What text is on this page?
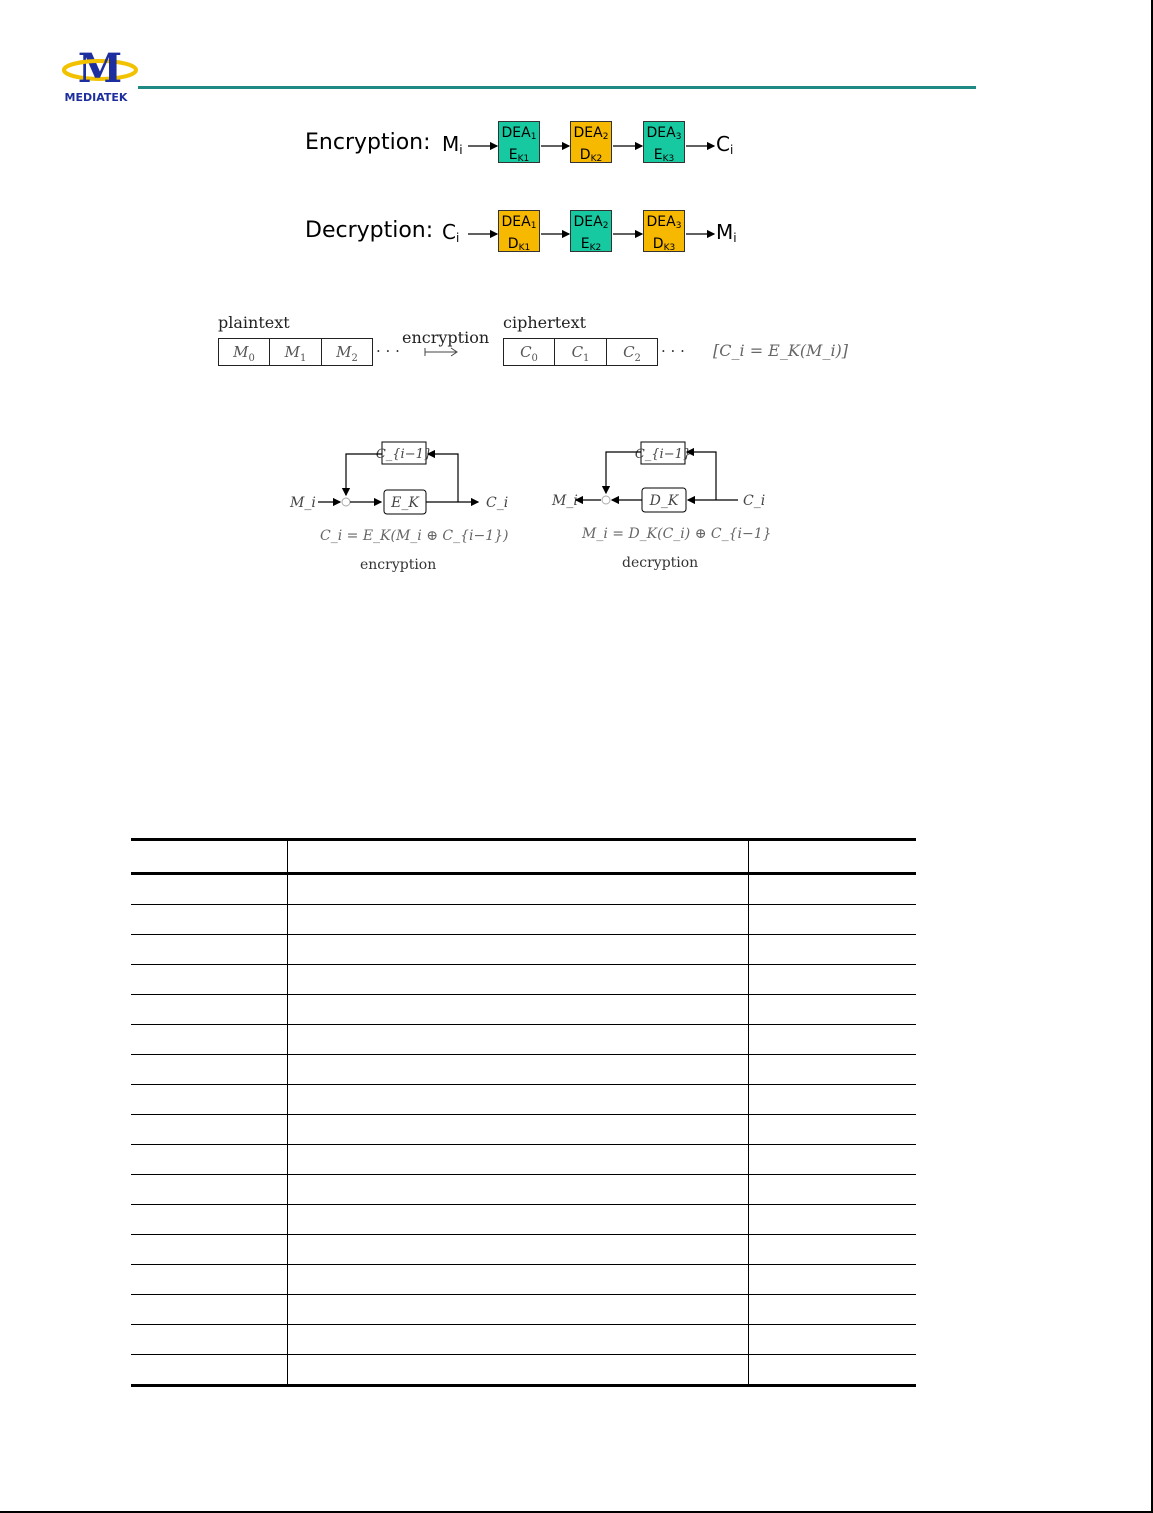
M
MEDIATEK
Encryption: $M_i$
$DEA_1$
$E_{K1}$
$DEA_2$
$D_{K2}$
$DEA_3$
$E_{K3}$
$C_i$
Decryption: $C_i$
$DEA_1$
$D_{K1}$
$DEA_2$
$E_{K2}$
$DEA_3$
$D_{K3}$
$M_i$
plaintext	ciphertext
encryption
$M_0$	$M_1$	$M_2$	· · ·	$C_0$	$C_1$	$C_2$	· · · [C_i = E_K(M_i)]
C_{i−1}
E_K
M_i	C_i
C_i = E_K(M_i ⊕ C_{i−1})
encryption
C_{i−1}
D_K	C_i
M_i
M_i = D_K(C_i) ⊕ C_{i−1}
decryption
